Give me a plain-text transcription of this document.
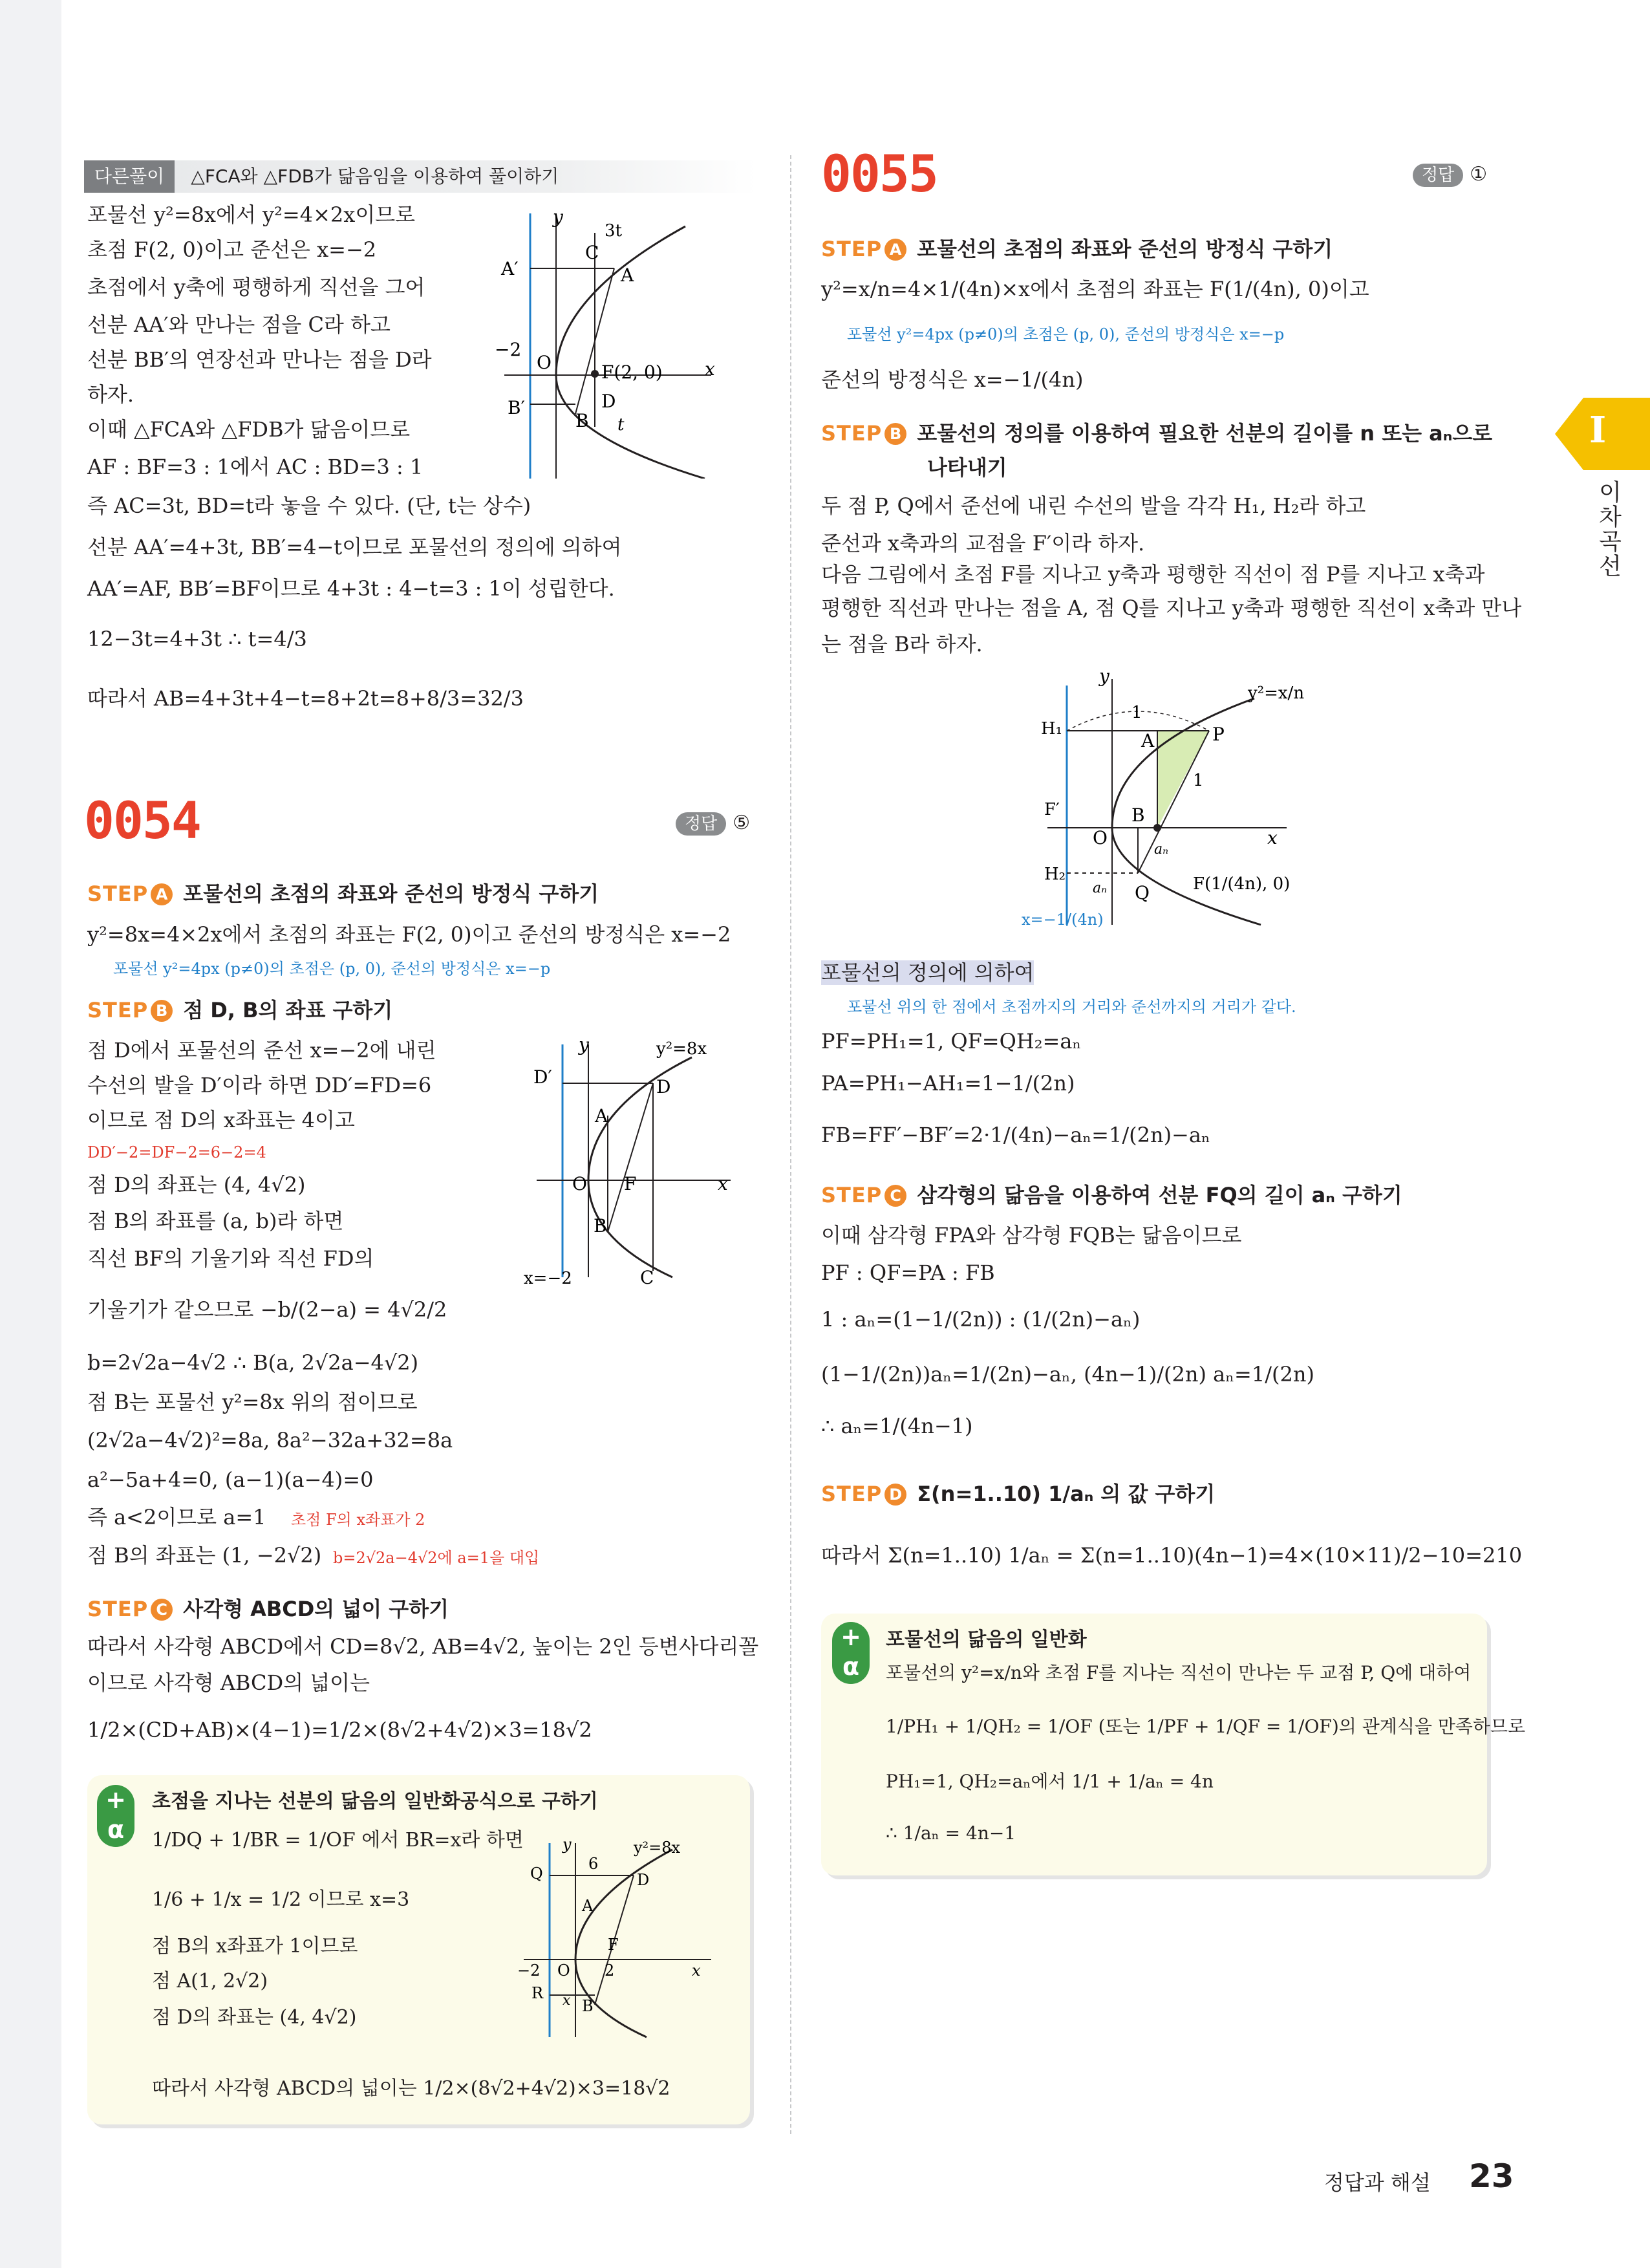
다른풀이 △FCA와 △FDB가 닮음임을 이용하여 풀이하기
포물선 y²=8x에서 y²=4×2x이므로
초점 F(2, 0)이고 준선은 x=−2
초점에서 y축에 평행하게 직선을 그어
선분 AA′와 만나는 점을 C라 하고
선분 BB′의 연장선과 만나는 점을 D라
하자.
이때 △FCA와 △FDB가 닮음이므로
AF : BF=3 : 1에서 AC : BD=3 : 1
즉 AC=3t, BD=t라 놓을 수 있다. (단, t는 상수)
선분 AA′=4+3t, BB′=4−t이므로 포물선의 정의에 의하여
AA′=AF, BB′=BF이므로 4+3t : 4−t=3 : 1이 성립한다.
12−3t=4+3t ∴ t=4/3
따라서 AB=4+3t+4−t=8+2t=8+8/3=32/3
y
3t
A′
C
A
−2
O	F(2, 0) x
B′	D
B t
0054	정답 ⑤
STEP A 포물선의 초점의 좌표와 준선의 방정식 구하기
y²=8x=4×2x에서 초점의 좌표는 F(2, 0)이고 준선의 방정식은 x=−2
포물선 y²=4px (p≠0)의 초점은 (p, 0), 준선의 방정식은 x=−p
STEP B 점 D, B의 좌표 구하기
점 D에서 포물선의 준선 x=−2에 내린
수선의 발을 D′이라 하면 DD′=FD=6
이므로 점 D의 x좌표는 4이고
DD′−2=DF−2=6−2=4
점 D의 좌표는 (4, 4√2)
점 B의 좌표를 (a, b)라 하면
직선 BF의 기울기와 직선 FD의
기울기가 같으므로 −b/(2−a) = 4√2/2
b=2√2a−4√2 ∴ B(a, 2√2a−4√2)
점 B는 포물선 y²=8x 위의 점이므로
(2√2a−4√2)²=8a, 8a²−32a+32=8a
a²−5a+4=0, (a−1)(a−4)=0
즉 a<2이므로 a=1 초점 F의 x좌표가 2
점 B의 좌표는 (1, −2√2) b=2√2a−4√2에 a=1을 대입
y	y²=8x
D′	D
A
O F	x
B
x=−2	C
STEP C 사각형 ABCD의 넓이 구하기
따라서 사각형 ABCD에서 CD=8√2, AB=4√2, 높이는 2인 등변사다리꼴
이므로 사각형 ABCD의 넓이는
1/2×(CD+AB)×(4−1)=1/2×(8√2+4√2)×3=18√2
+
α
초점을 지나는 선분의 닮음의 일반화공식으로 구하기
1/DQ + 1/BR = 1/OF 에서 BR=x라 하면
1/6 + 1/x = 1/2 이므로 x=3
점 B의 x좌표가 1이므로
점 A(1, 2√2)
점 D의 좌표는 (4, 4√2)
따라서 사각형 ABCD의 넓이는 1/2×(8√2+4√2)×3=18√2
y
6
y²=8x
Q	D
A
F
−2 O 2	x
R x B
0055	정답 ①
STEP A 포물선의 초점의 좌표와 준선의 방정식 구하기
y²=x/n=4×1/(4n)×x에서 초점의 좌표는 F(1/(4n), 0)이고
포물선 y²=4px (p≠0)의 초점은 (p, 0), 준선의 방정식은 x=−p
준선의 방정식은 x=−1/(4n)
STEP B 포물선의 정의를 이용하여 필요한 선분의 길이를 n 또는 aₙ으로
나타내기
두 점 P, Q에서 준선에 내린 수선의 발을 각각 H₁, H₂라 하고
준선과 x축과의 교점을 F′이라 하자.
다음 그림에서 초점 F를 지나고 y축과 평행한 직선이 점 P를 지나고 x축과
평행한 직선과 만나는 점을 A, 점 Q를 지나고 y축과 평행한 직선이 x축과 만나
는 점을 B라 하자.
y
y²=x/n
1
H₁
A	P
1
F′	B
O	x
aₙ
H₂
aₙ Q	F(1/(4n), 0)
x=−1/(4n)
포물선의 정의에 의하여
포물선 위의 한 점에서 초점까지의 거리와 준선까지의 거리가 같다.
PF=PH₁=1, QF=QH₂=aₙ
PA=PH₁−AH₁=1−1/(2n)
FB=FF′−BF′=2·1/(4n)−aₙ=1/(2n)−aₙ
STEP C 삼각형의 닮음을 이용하여 선분 FQ의 길이 aₙ 구하기
이때 삼각형 FPA와 삼각형 FQB는 닮음이므로
PF : QF=PA : FB
1 : aₙ=(1−1/(2n)) : (1/(2n)−aₙ)
(1−1/(2n))aₙ=1/(2n)−aₙ, (4n−1)/(2n) aₙ=1/(2n)
∴ aₙ=1/(4n−1)
STEP D Σ(n=1..10) 1/aₙ 의 값 구하기
따라서 Σ(n=1..10) 1/aₙ = Σ(n=1..10)(4n−1)=4×(10×11)/2−10=210
+
α
포물선의 닮음의 일반화
포물선의 y²=x/n와 초점 F를 지나는 직선이 만나는 두 교점 P, Q에 대하여
1/PH₁ + 1/QH₂ = 1/OF (또는 1/PF + 1/QF = 1/OF)의 관계식을 만족하므로
PH₁=1, QH₂=aₙ에서 1/1 + 1/aₙ = 4n
∴ 1/aₙ = 4n−1
I
이차곡선
정답과 해설 23
